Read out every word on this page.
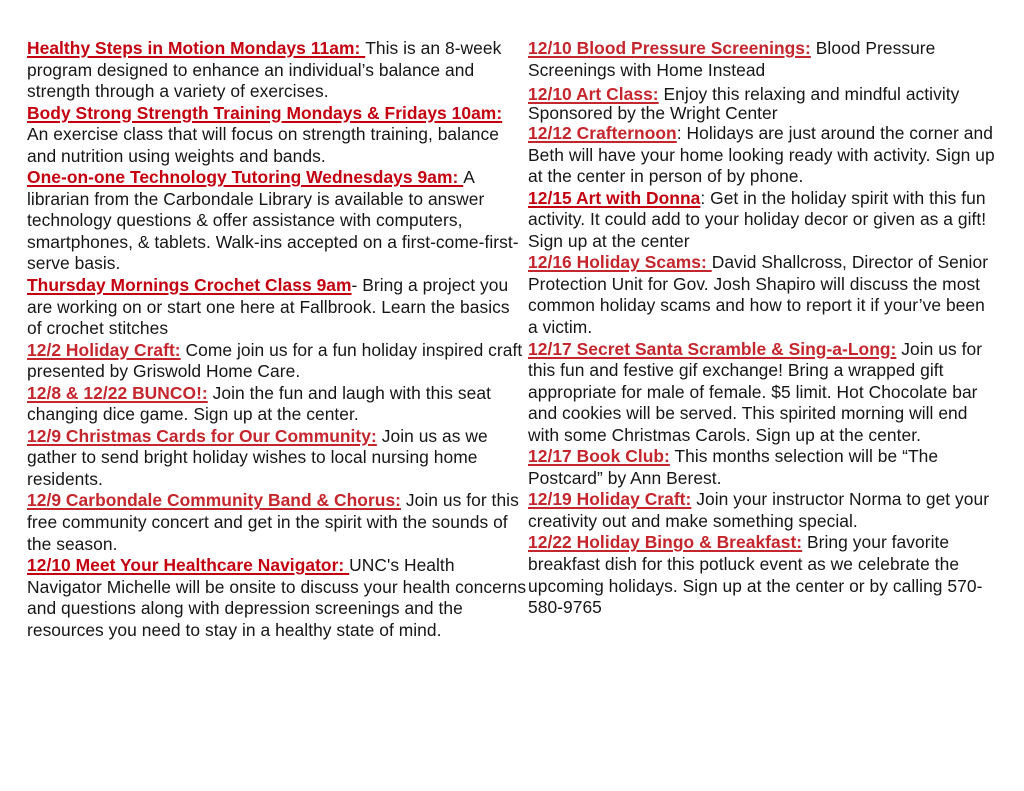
Healthy Steps in Motion Mondays 11am: This is an 8-week program designed to enhance an individual’s balance and strength through a variety of exercises.

Body Strong Strength Training Mondays & Fridays 10am: An exercise class that will focus on strength training, balance and nutrition using weights and bands.

One-on-one Technology Tutoring Wednesdays 9am: A librarian from the Carbondale Library is available to answer technology questions & offer assistance with computers, smartphones, & tablets. Walk-ins accepted on a first-come-first-serve basis.

Thursday Mornings Crochet Class 9am- Bring a project you are working on or start one here at Fallbrook. Learn the basics of crochet stitches

12/2 Holiday Craft: Come join us for a fun holiday inspired craft presented by Griswold Home Care.

12/8 & 12/22 BUNCO!: Join the fun and laugh with this seat changing dice game. Sign up at the center.

12/9 Christmas Cards for Our Community: Join us as we gather to send bright holiday wishes to local nursing home residents.

12/9 Carbondale Community Band & Chorus: Join us for this free community concert and get in the spirit with the sounds of the season.

12/10 Meet Your Healthcare Navigator: UNC's Health Navigator Michelle will be onsite to discuss your health concerns and questions along with depression screenings and the resources you need to stay in a healthy state of mind.

12/10 Blood Pressure Screenings: Blood Pressure Screenings with Home Instead

12/10 Art Class: Enjoy this relaxing and mindful activity Sponsored by the Wright Center

12/12 Crafternoon: Holidays are just around the corner and Beth will have your home looking ready with activity. Sign up at the center in person of by phone.

12/15 Art with Donna: Get in the holiday spirit with this fun activity. It could add to your holiday decor or given as a gift! Sign up at the center

12/16 Holiday Scams: David Shallcross, Director of Senior Protection Unit for Gov. Josh Shapiro will discuss the most common holiday scams and how to report it if your’ve been a victim.

12/17 Secret Santa Scramble & Sing-a-Long: Join us for this fun and festive gif exchange! Bring a wrapped gift appropriate for male of female. $5 limit. Hot Chocolate bar and cookies will be served. This spirited morning will end with some Christmas Carols. Sign up at the center.

12/17 Book Club: This months selection will be “The Postcard” by Ann Berest.

12/19 Holiday Craft: Join your instructor Norma to get your creativity out and make something special.

12/22 Holiday Bingo & Breakfast: Bring your favorite breakfast dish for this potluck event as we celebrate the upcoming holidays. Sign up at the center or by calling 570-580-9765
